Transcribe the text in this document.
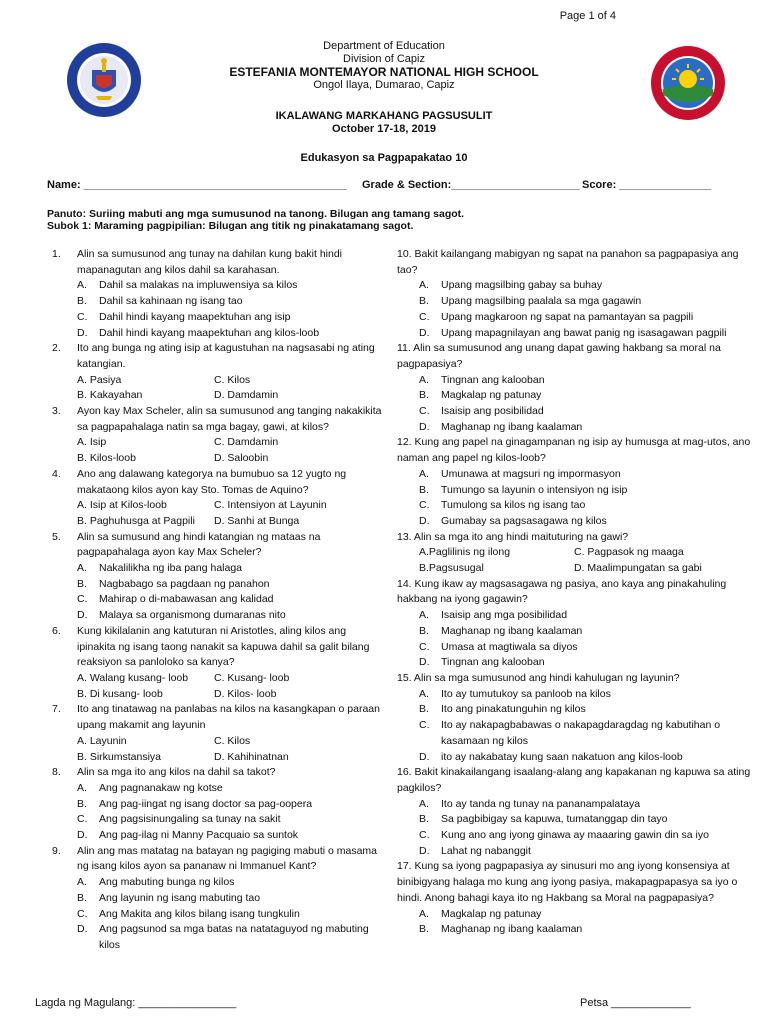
Page 1 of 4
Department of Education
Division of Capiz
ESTEFANIA MONTEMAYOR NATIONAL HIGH SCHOOL
Ongol Ilaya, Dumarao, Capiz
IKALAWANG MARKAHANG PAGSUSULIT
October 17-18, 2019
Edukasyon sa Pagpapakatao 10
Name: ___________________________________________	Grade & Section:_____________________ Score: _______________
Panuto: Suriing mabuti ang mga sumusunod na tanong. Bilugan ang tamang sagot.
Subok 1: Maraming pagpipilian: Bilugan ang titik ng pinakatamang sagot.
1.	Alin sa sumusunod ang tunay na dahilan kung bakit hindi mapanagutan ang kilos dahil sa karahasan.
A.	Dahil sa malakas na impluwensiya sa kilos
B.	Dahil sa kahinaan ng isang tao
C.	Dahil hindi kayang maapektuhan ang isip
D.	Dahil hindi kayang maapektuhan ang kilos-loob
2.	Ito ang bunga ng ating isip at kagustuhan na nagsasabi ng ating katangian.
A. Pasiya	C. Kilos
B. Kakayahan	D. Damdamin
3.	Ayon kay Max Scheler, alin sa sumusunod ang tanging nakakikita sa pagpapahalaga natin sa mga bagay, gawi, at kilos?
A. Isip	C. Damdamin
B. Kilos-loob	D. Saloobin
4.	Ano ang dalawang kategorya na bumubuo sa 12 yugto ng makataong kilos ayon kay Sto. Tomas de Aquino?
A. Isip at Kilos-loob	C. Intensiyon at Layunin
B. Paghuhusga at Pagpili	D. Sanhi at Bunga
5.	Alin sa sumusund ang hindi katangian ng mataas na pagpapahalaga ayon kay Max Scheler?
A.	Nakalilikha ng iba pang halaga
B.	Nagbabago sa pagdaan ng panahon
C.	Mahirap o di-mabawasan ang kalidad
D.	Malaya sa organismong dumaranas nito
6.	Kung kikilalanin ang katuturan ni Aristotles, aling kilos ang ipinakita ng isang taong nanakit sa kapuwa dahil sa galit bilang reaksiyon sa panloloko sa kanya?
A. Walang kusang- loob	C. Kusang- loob
B. Di kusang- loob	D. Kilos- loob
7.	Ito ang tinatawag na panlabas na kilos na kasangkapan o paraan upang makamit ang layunin
A. Layunin	C. Kilos
B. Sirkumstansiya	D. Kahihinatnan
8.	Alin sa mga ito ang kilos na dahil sa takot?
A.	Ang pagnanakaw ng kotse
B.	Ang pag-iingat ng isang doctor sa pag-oopera
C.	Ang pagsisinungaling sa tunay na sakit
D.	Ang pag-ilag ni Manny Pacquaio sa suntok
9.	Alin ang mas matatag na batayan ng pagiging mabuti o masama ng isang kilos ayon sa pananaw ni Immanuel Kant?
A.	Ang mabuting bunga ng kilos
B.	Ang layunin ng isang mabuting tao
C.	Ang Makita ang kilos bilang isang tungkulin
D.	Ang pagsunod sa mga batas na natataguyod ng mabuting kilos
10. Bakit kailangang mabigyan ng sapat na panahon sa pagpapasiya ang tao?
A.	Upang magsilbing gabay sa buhay
B.	Upang magsilbing paalala sa mga gagawin
C.	Upang magkaroon ng sapat na pamantayan sa pagpili
D.	Upang mapagnilayan ang bawat panig ng isasagawan pagpili
11. Alin sa sumusunod ang unang dapat gawing hakbang sa moral na pagpapasiya?
A.	Tingnan ang kalooban
B.	Magkalap ng patunay
C.	Isaisip ang posibilidad
D.	Maghanap ng ibang kaalaman
12. Kung ang papel na ginagampanan ng isip ay humusga at mag-utos, ano naman ang papel ng kilos-loob?
A.	Umunawa at magsuri ng impormasyon
B.	Tumungo sa layunin o intensiyon ng isip
C.	Tumulong sa kilos ng isang tao
D.	Gumabay sa pagsasagawa ng kilos
13. Alin sa mga ito ang hindi maituturing na gawi?
A.Paglilinis ng ilong	C. Pagpasok ng maaga
B.Pagsusugal	D. Maalimpungatan sa gabi
14. Kung ikaw ay magsasagawa ng pasiya, ano kaya ang pinakahuling hakbang na iyong gagawin?
A.	Isaisip ang mga posibilidad
B.	Maghanap ng ibang kaalaman
C.	Umasa at magtiwala sa diyos
D.	Tingnan ang kalooban
15. Alin sa mga sumusunod ang hindi kahulugan ng layunin?
A.	Ito ay tumutukoy sa panloob na kilos
B.	Ito ang pinakatunguhin ng kilos
C.	Ito ay nakapagbabawas o nakapagdaragdag ng kabutihan o kasamaan ng kilos
D.	ito ay nakabatay kung saan nakatuon ang kilos-loob
16. Bakit kinakailangang isaalang-alang ang kapakanan ng kapuwa sa ating pagkilos?
A.	Ito ay tanda ng tunay na pananampalataya
B.	Sa pagbibigay sa kapuwa, tumatanggap din tayo
C.	Kung ano ang iyong ginawa ay maaaring gawin din sa iyo
D.	Lahat ng nabanggit
17. Kung sa iyong pagpapasiya ay sinusuri mo ang iyong konsensiya at binibigyang halaga mo kung ang iyong pasiya, makapagpapasya sa iyo o hindi. Anong bahagi kaya ito ng Hakbang sa Moral na pagpapasiya?
A.	Magkalap ng patunay
B.	Maghanap ng ibang kaalaman
Lagda ng Magulang: ________________	Petsa _____________
